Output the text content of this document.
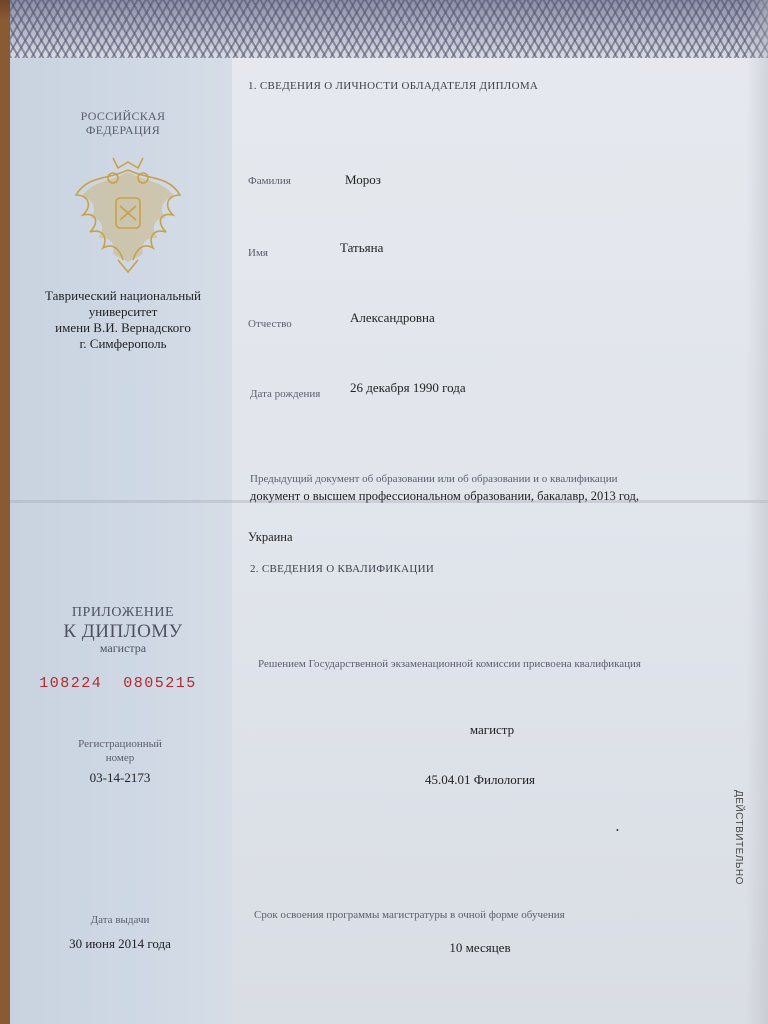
РОССИЙСКАЯ

ФЕДЕРАЦИЯ

Таврический национальный

университет

имени В.И. Вернадского

г. Симферополь

ПРИЛОЖЕНИЕ

К ДИПЛОМУ

магистра

108224  0805215

Регистрационный

номер

03-14-2173

Дата выдачи

30 июня 2014 года

1. СВЕДЕНИЯ О ЛИЧНОСТИ ОБЛАДАТЕЛЯ ДИПЛОМА

Фамилия	Мороз

Имя	Татьяна

Отчество	Александровна

Дата рождения 26 декабря 1990 года

Предыдущий документ об образовании или об образовании и о квалификации

документ о высшем профессиональном образовании, бакалавр, 2013 год,

Украина

2. СВЕДЕНИЯ О КВАЛИФИКАЦИИ

Решением Государственной экзаменационной комиссии присвоена квалификация

магистр

45.04.01 Филология

Срок освоения программы магистратуры в очной форме обучения

10 месяцев

•	ДЕЙСТВИТЕЛЬНО
